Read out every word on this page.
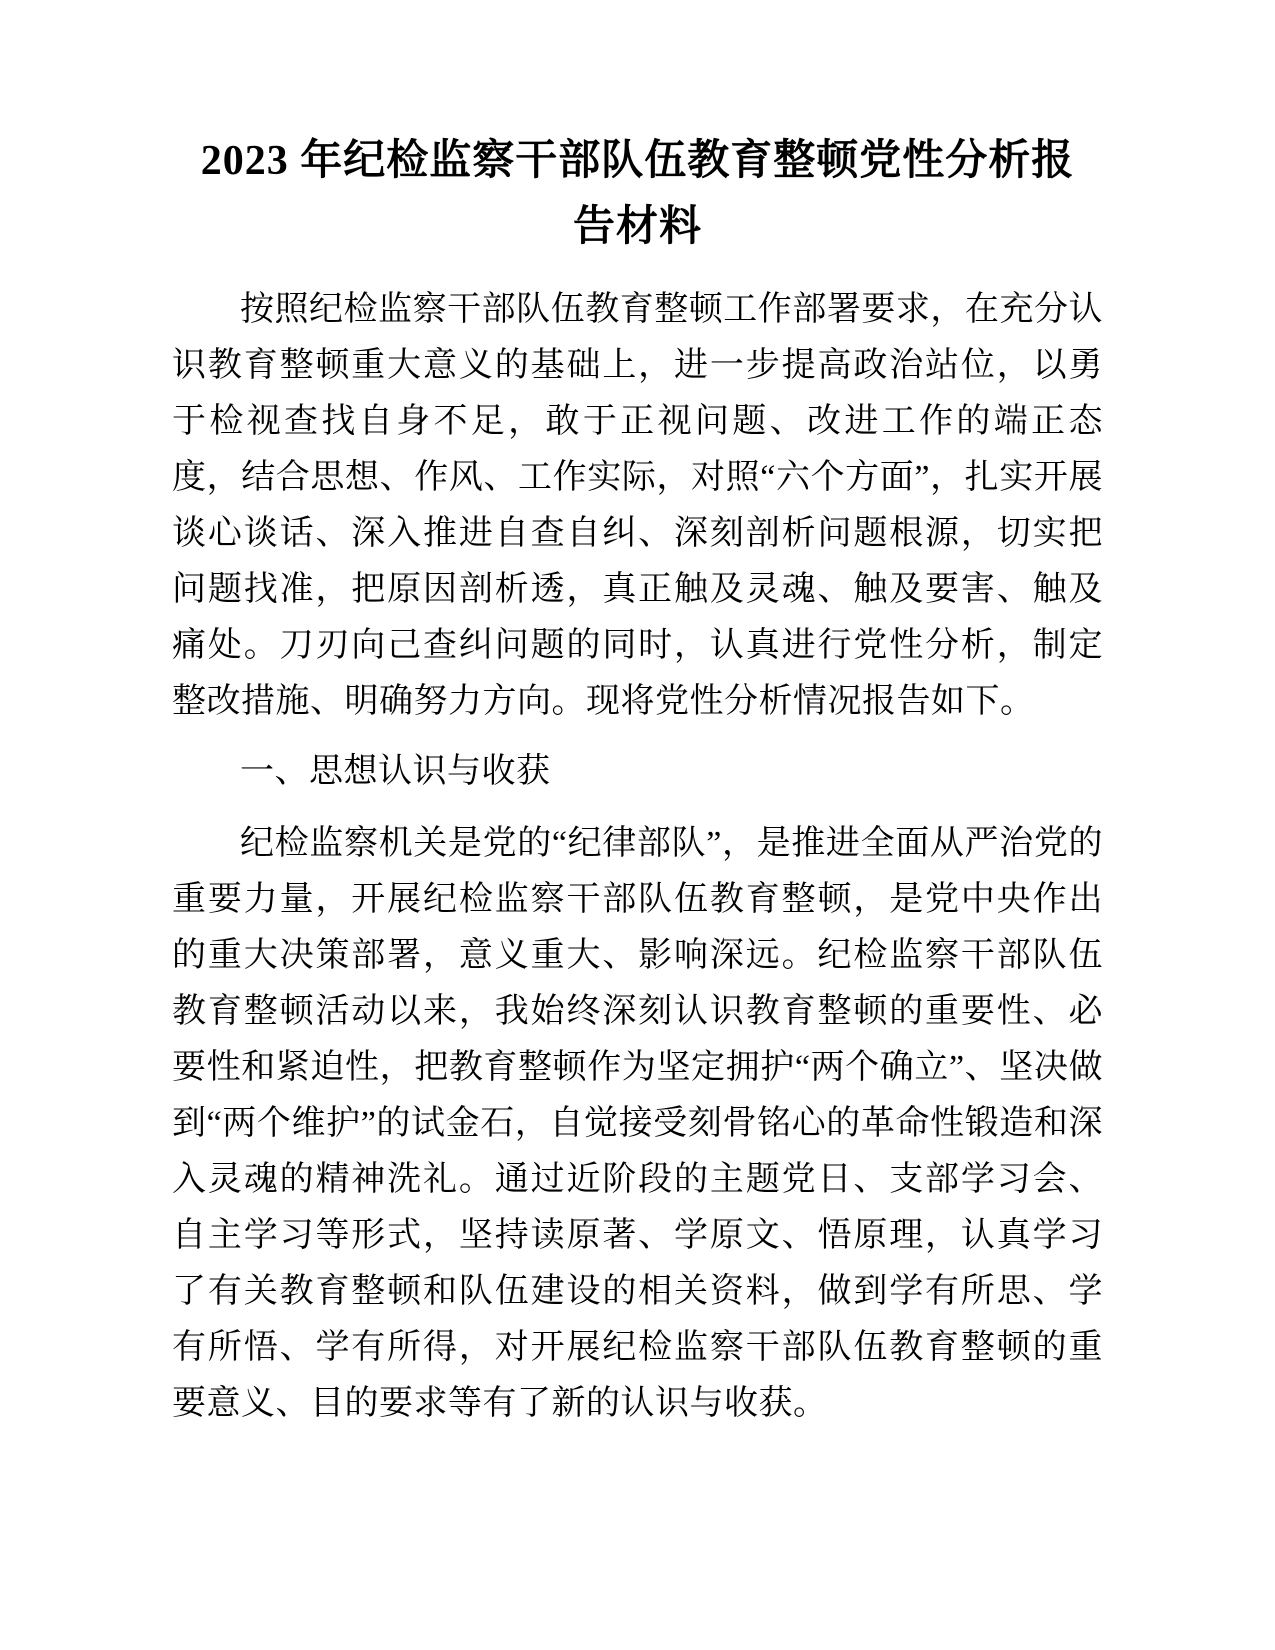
2023 年纪检监察干部队伍教育整顿党性分析报告材料

按照纪检监察干部队伍教育整顿工作部署要求，在充分认识教育整顿重大意义的基础上，进一步提高政治站位，以勇于检视查找自身不足，敢于正视问题、改进工作的端正态度，结合思想、作风、工作实际，对照“六个方面”，扎实开展谈心谈话、深入推进自查自纠、深刻剖析问题根源，切实把问题找准，把原因剖析透，真正触及灵魂、触及要害、触及痛处。刀刃向己查纠问题的同时，认真进行党性分析，制定整改措施、明确努力方向。现将党性分析情况报告如下。

一、思想认识与收获

纪检监察机关是党的“纪律部队”，是推进全面从严治党的重要力量，开展纪检监察干部队伍教育整顿，是党中央作出的重大决策部署，意义重大、影响深远。纪检监察干部队伍教育整顿活动以来，我始终深刻认识教育整顿的重要性、必要性和紧迫性，把教育整顿作为坚定拥护“两个确立”、坚决做到“两个维护”的试金石，自觉接受刻骨铭心的革命性锻造和深入灵魂的精神洗礼。通过近阶段的主题党日、支部学习会、自主学习等形式，坚持读原著、学原文、悟原理，认真学习了有关教育整顿和队伍建设的相关资料，做到学有所思、学有所悟、学有所得，对开展纪检监察干部队伍教育整顿的重要意义、目的要求等有了新的认识与收获。
